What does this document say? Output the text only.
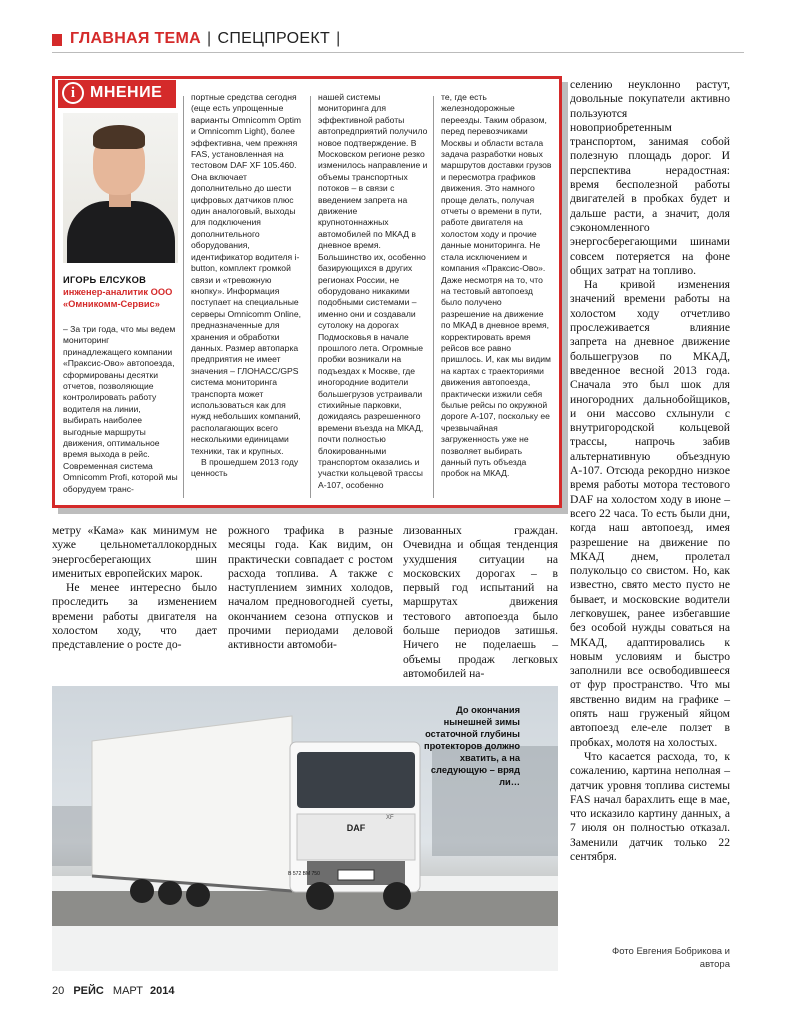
ГЛАВНАЯ ТЕМА | СПЕЦПРОЕКТ |
i МНЕНИЕ
ИГОРЬ ЕЛСУКОВ
инженер-аналитик ООО «Омникомм-Сервис»

– За три года, что мы ведем мониторинг принадлежащего компании «Праксис-Ово» автопоезда, сформированы десятки отчетов, позволяющие контролировать работу водителя на линии, выбирать наиболее выгодные маршруты движения, оптимальное время выхода в рейс. Современная система Omnicomm Profi, которой мы оборудуем транс-

портные средства сегодня (еще есть упрощенные варианты Omnicomm Optim и Omnicomm Light), более эффективна, чем прежняя FAS, установленная на тестовом DAF XF 105.460. Она включает дополнительно до шести цифровых датчиков плюс один аналоговый, выходы для подключения дополнительного оборудования, идентификатор водителя i-button, комплект громкой связи и «тревожную кнопку». Информация поступает на специальные серверы Omnicomm Online, предназначенные для хранения и обработки данных. Размер автопарка предприятия не имеет значения – ГЛОНАСС/GPS система мониторинга транспорта может использоваться как для нужд небольших компаний, располагающих всего несколькими единицами техники, так и крупных.

В прошедшем 2013 году ценность

нашей системы мониторинга для эффективной работы автопредприятий получило новое подтверждение. В Московском регионе резко изменилось направление и объемы транспортных потоков – в связи с введением запрета на движение крупнотоннажных автомобилей по МКАД в дневное время. Большинство их, особенно базирующихся в других регионах России, не оборудовано никакими подобными системами – именно они и создавали сутолоку на дорогах Подмосковья в начале прошлого лета. Огромные пробки возникали на подъездах к Москве, где иногородние водители большегрузов устраивали стихийные парковки, дожидаясь разрешенного времени въезда на МКАД, почти полностью блокированными транспортом оказались и участки кольцевой трассы А-107, особенно

те, где есть железнодорожные переезды. Таким образом, перед перевозчиками Москвы и области встала задача разработки новых маршрутов доставки грузов и пересмотра графиков движения. Это намного проще делать, получая отчеты о времени в пути, работе двигателя на холостом ходу и прочие данные мониторинга. Не стала исключением и компания «Праксис-Ово». Даже несмотря на то, что на тестовый автопоезд было получено разрешение на движение по МКАД в дневное время, корректировать время рейсов все равно пришлось. И, как мы видим на картах с траекториями движения автопоезда, практически изжили себя былые рейсы по окружной дороге А-107, поскольку ее чрезвычайная загруженность уже не позволяет выбирать данный путь объезда пробок на МКАД.

метру «Кама» как минимум не хуже цельнометаллокордных энергосберегающих шин именитых европейских марок.

Не менее интересно было проследить за изменением времени работы двигателя на холостом ходу, что дает представление о росте до-

рожного трафика в разные месяцы года. Как видим, он практически совпадает с ростом расхода топлива. А также с наступлением зимних холодов, началом предновогодней суеты, окончанием сезона отпусков и прочими периодами деловой активности автомоби-

лизованных граждан. Очевидна и общая тенденция ухудшения ситуации на московских дорогах – в первый год испытаний на маршрутах движения тестового автопоезда было больше периодов затишья. Ничего не поделаешь – объемы продаж легковых автомобилей на-

селению неуклонно растут, довольные покупатели активно пользуются новоприобретенным транспортом, занимая собой полезную площадь дорог. И перспектива нерадостная: время бесполезной работы двигателей в пробках будет и дальше расти, а значит, доля сэкономленного энергосберегающими шинами совсем потеряется на фоне общих затрат на топливо.

На кривой изменения значений времени работы на холостом ходу отчетливо прослеживается влияние запрета на дневное движение большегрузов по МКАД, введенное весной 2013 года. Сначала это был шок для иногородних дальнобойщиков, и они массово схлынули с внутригородской кольцевой трассы, напрочь забив альтернативную объездную А-107. Отсюда рекордно низкое время работы мотора тестового DAF на холостом ходу в июне – всего 22 часа. То есть были дни, когда наш автопоезд, имея разрешение на движение по МКАД днем, пролетал полукольцо со свистом. Но, как известно, свято место пусто не бывает, и московские водители легковушек, ранее избегавшие без особой нужды соваться на МКАД, адаптировались к новым условиям и быстро заполнили все освободившееся от фур пространство. Что мы явственно видим на графике – опять наш груженый яйцом автопоезд еле-еле ползет в пробках, молотя на холостых.

Что касается расхода, то, к сожалению, картина неполная – датчик уровня топлива системы FAS начал барахлить еще в мае, что исказило картину данных, а 7 июля он полностью отказал. Заменили датчик только 22 сентября.

DAF
XF
В 572 ВМ 750
До окончания нынешней зимы остаточной глубины протекторов должно хватить, а на следующую – вряд ли…
Фото Евгения Бобрикова и автора
20 РЕЙС МАРТ 2014
